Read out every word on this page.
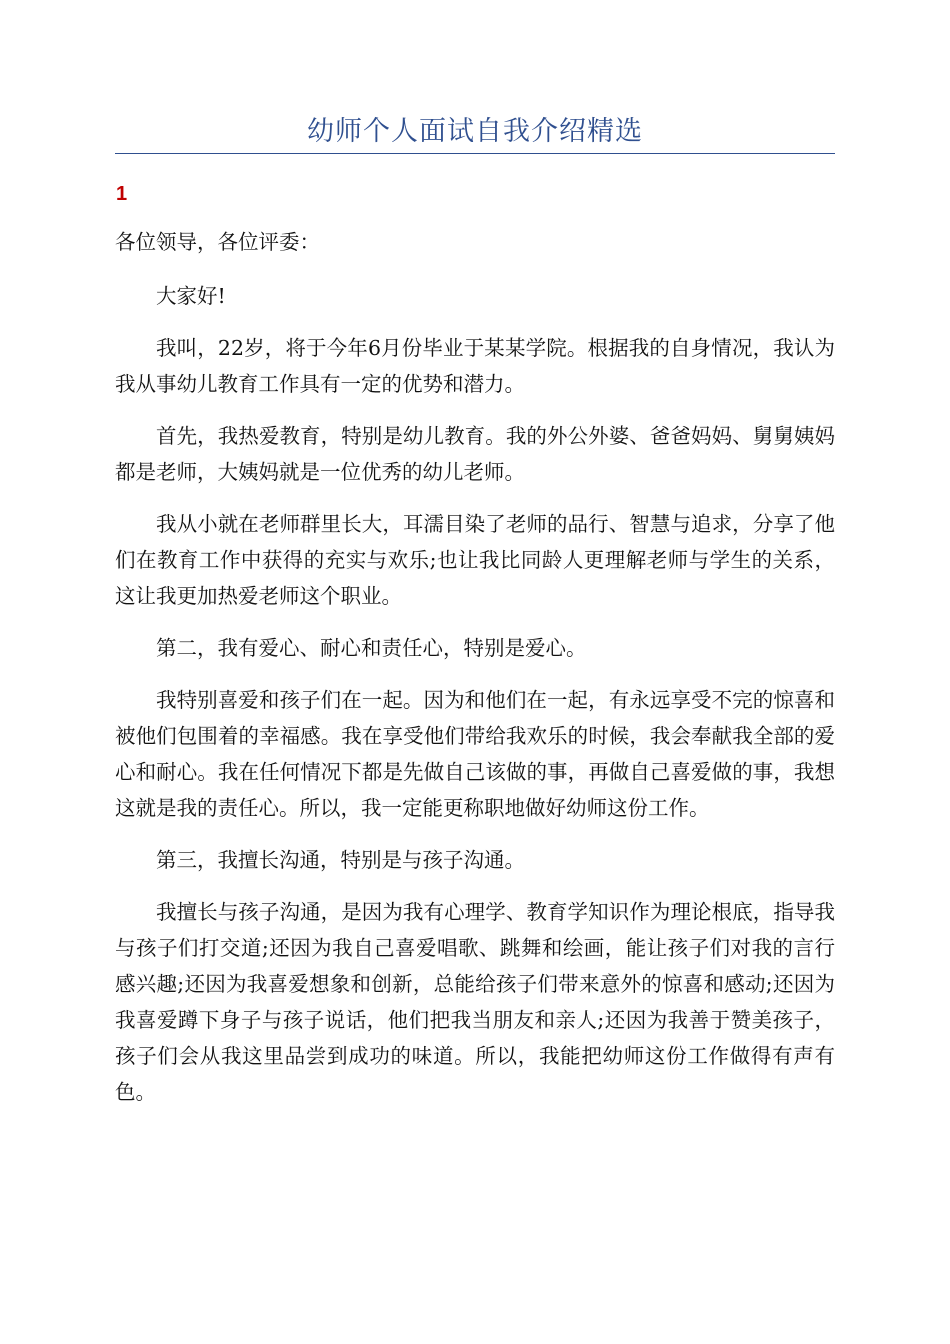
幼师个人面试自我介绍精选
1

各位领导，各位评委：

大家好!

我叫，22岁，将于今年6月份毕业于某某学院。根据我的自身情况，我认为我从事幼儿教育工作具有一定的优势和潜力。

首先，我热爱教育，特别是幼儿教育。我的外公外婆、爸爸妈妈、舅舅姨妈都是老师，大姨妈就是一位优秀的幼儿老师。

我从小就在老师群里长大，耳濡目染了老师的品行、智慧与追求，分享了他们在教育工作中获得的充实与欢乐;也让我比同龄人更理解老师与学生的关系，这让我更加热爱老师这个职业。

第二，我有爱心、耐心和责任心，特别是爱心。

我特别喜爱和孩子们在一起。因为和他们在一起，有永远享受不完的惊喜和被他们包围着的幸福感。我在享受他们带给我欢乐的时候，我会奉献我全部的爱心和耐心。我在任何情况下都是先做自己该做的事，再做自己喜爱做的事，我想这就是我的责任心。所以，我一定能更称职地做好幼师这份工作。

第三，我擅长沟通，特别是与孩子沟通。

我擅长与孩子沟通，是因为我有心理学、教育学知识作为理论根底，指导我与孩子们打交道;还因为我自己喜爱唱歌、跳舞和绘画，能让孩子们对我的言行感兴趣;还因为我喜爱想象和创新，总能给孩子们带来意外的惊喜和感动;还因为我喜爱蹲下身子与孩子说话，他们把我当朋友和亲人;还因为我善于赞美孩子，孩子们会从我这里品尝到成功的味道。所以，我能把幼师这份工作做得有声有色。
